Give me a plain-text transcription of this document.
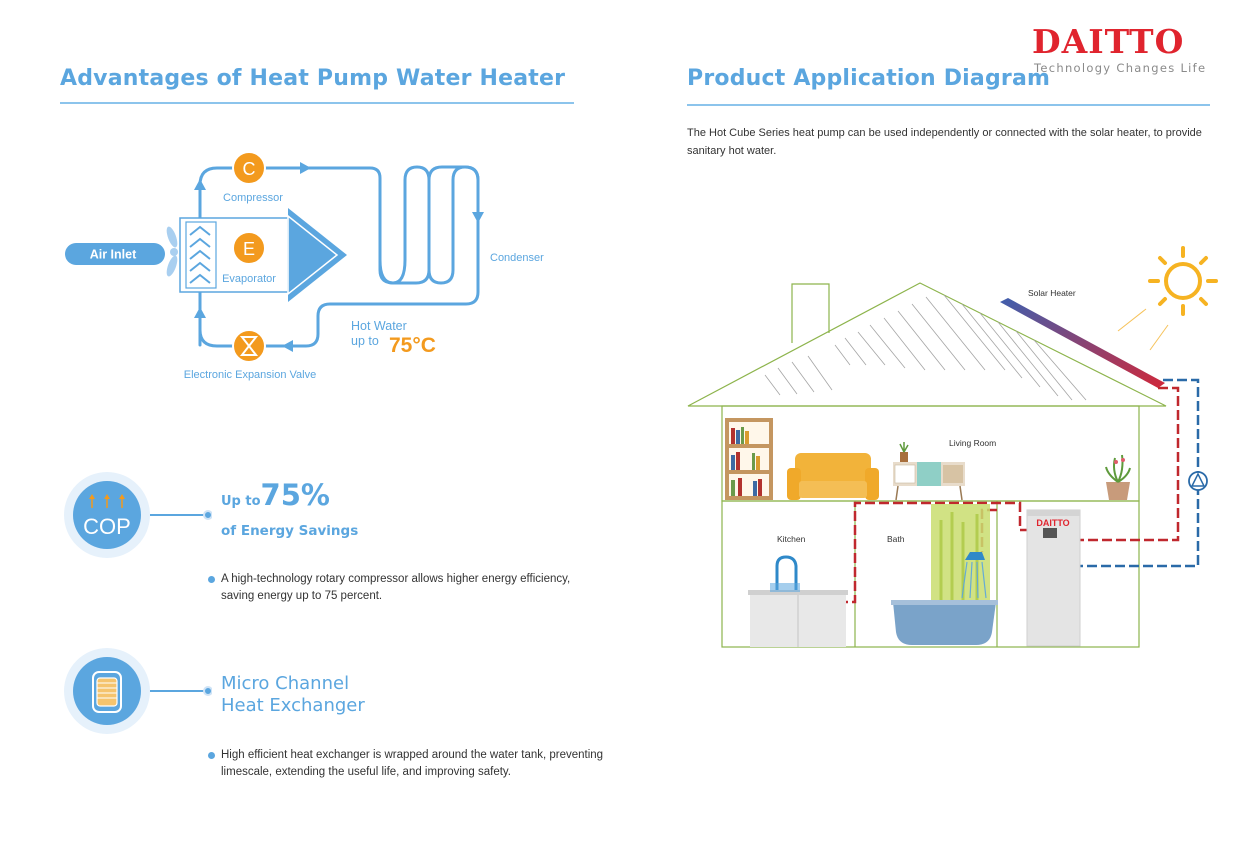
Advantages of Heat Pump Water Heater
Air Inlet
C
Compressor
E
Evaporator
Condenser
Electronic Expansion Valve
Hot Water
up to 75°C
COP
Up to75%
of Energy Savings
A high-technology rotary compressor allows higher energy efficiency,
saving energy up to 75 percent.
Micro Channel
Heat Exchanger
High efficient heat exchanger is wrapped around the water tank, preventing
limescale, extending the useful life, and improving safety.
DAITTO
Technology Changes Life
Product Application Diagram
The Hot Cube Series heat pump can be used independently or connected with the solar heater, to provide
sanitary hot water.
Solar Heater
Living Room
Kitchen	Bath
DAITTO
